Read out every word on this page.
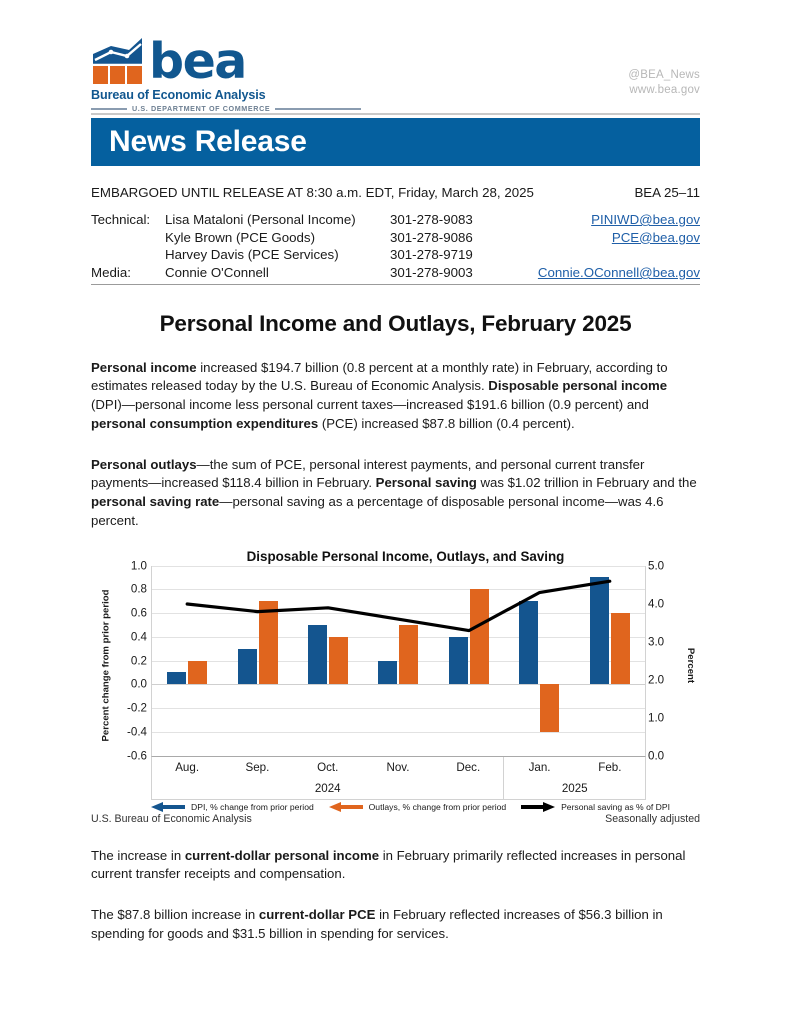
bea
Bureau of Economic Analysis
U.S. DEPARTMENT OF COMMERCE
@BEA_News
www.bea.gov
News Release
EMBARGOED UNTIL RELEASE AT 8:30 a.m. EDT, Friday, March 28, 2025	BEA 25–11
Technical:	Lisa Mataloni (Personal Income)	301-278-9083	PINIWD@bea.gov
Kyle Brown (PCE Goods)	301-278-9086	PCE@bea.gov
Harvey Davis (PCE Services)	301-278-9719
Media:	Connie O'Connell	301-278-9003	Connie.OConnell@bea.gov
Personal Income and Outlays, February 2025
Personal income increased $194.7 billion (0.8 percent at a monthly rate) in February, according to estimates released today by the U.S. Bureau of Economic Analysis. Disposable personal income (DPI)—personal income less personal current taxes—increased $191.6 billion (0.9 percent) and personal consumption expenditures (PCE) increased $87.8 billion (0.4 percent).
Personal outlays—the sum of PCE, personal interest payments, and personal current transfer payments—increased $118.4 billion in February. Personal saving was $1.02 trillion in February and the personal saving rate—personal saving as a percentage of disposable personal income—was 4.6 percent.
Disposable Personal Income, Outlays, and Saving
Percent change from prior period
1.0
0.8
0.6
0.4
0.2
0.0
-0.2
-0.4
-0.6
Percent
5.0
4.0
3.0
2.0
1.0
0.0
Aug.	Sep.	Oct.	Nov.	Dec.
2024
Jan.	Feb.
2025
DPI, % change from prior period	Outlays, % change from prior period	Personal saving as % of DPI
U.S. Bureau of Economic Analysis	Seasonally adjusted
The increase in current-dollar personal income in February primarily reflected increases in personal current transfer receipts and compensation.
The $87.8 billion increase in current-dollar PCE in February reflected increases of $56.3 billion in spending for goods and $31.5 billion in spending for services.
